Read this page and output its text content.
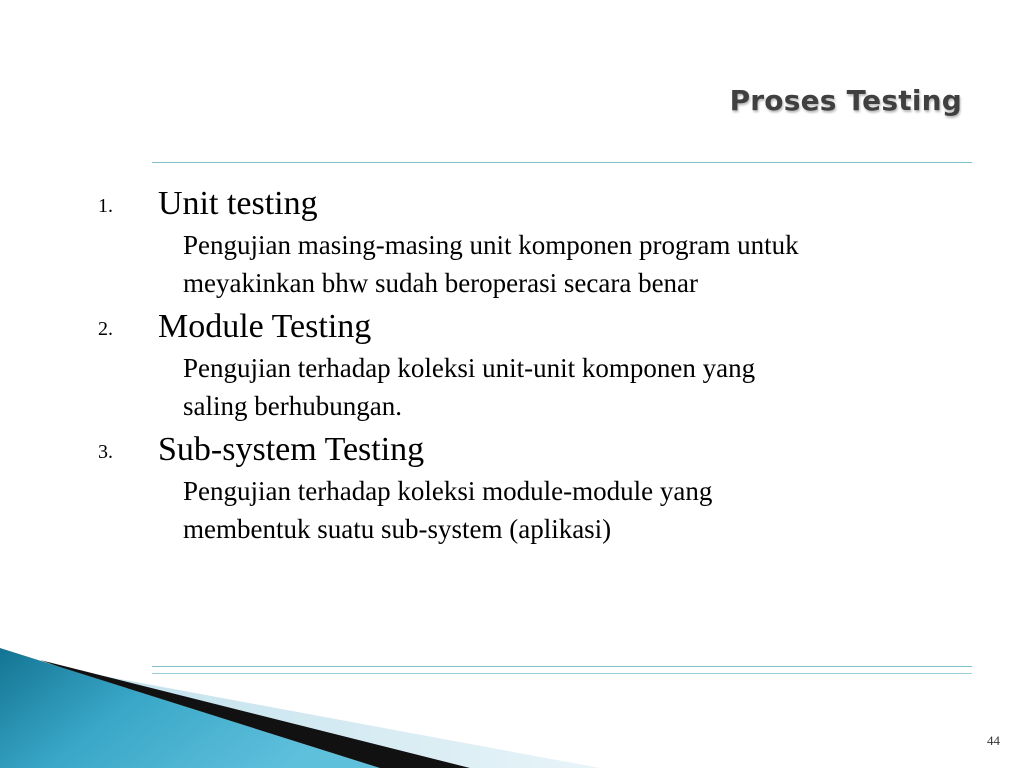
Proses Testing
1. Unit testing
Pengujian masing-masing unit komponen program untuk
meyakinkan bhw sudah beroperasi secara benar
2. Module Testing
Pengujian terhadap koleksi unit-unit komponen yang
saling berhubungan.
3. Sub-system Testing
Pengujian terhadap koleksi module-module yang
membentuk suatu sub-system (aplikasi)
44
